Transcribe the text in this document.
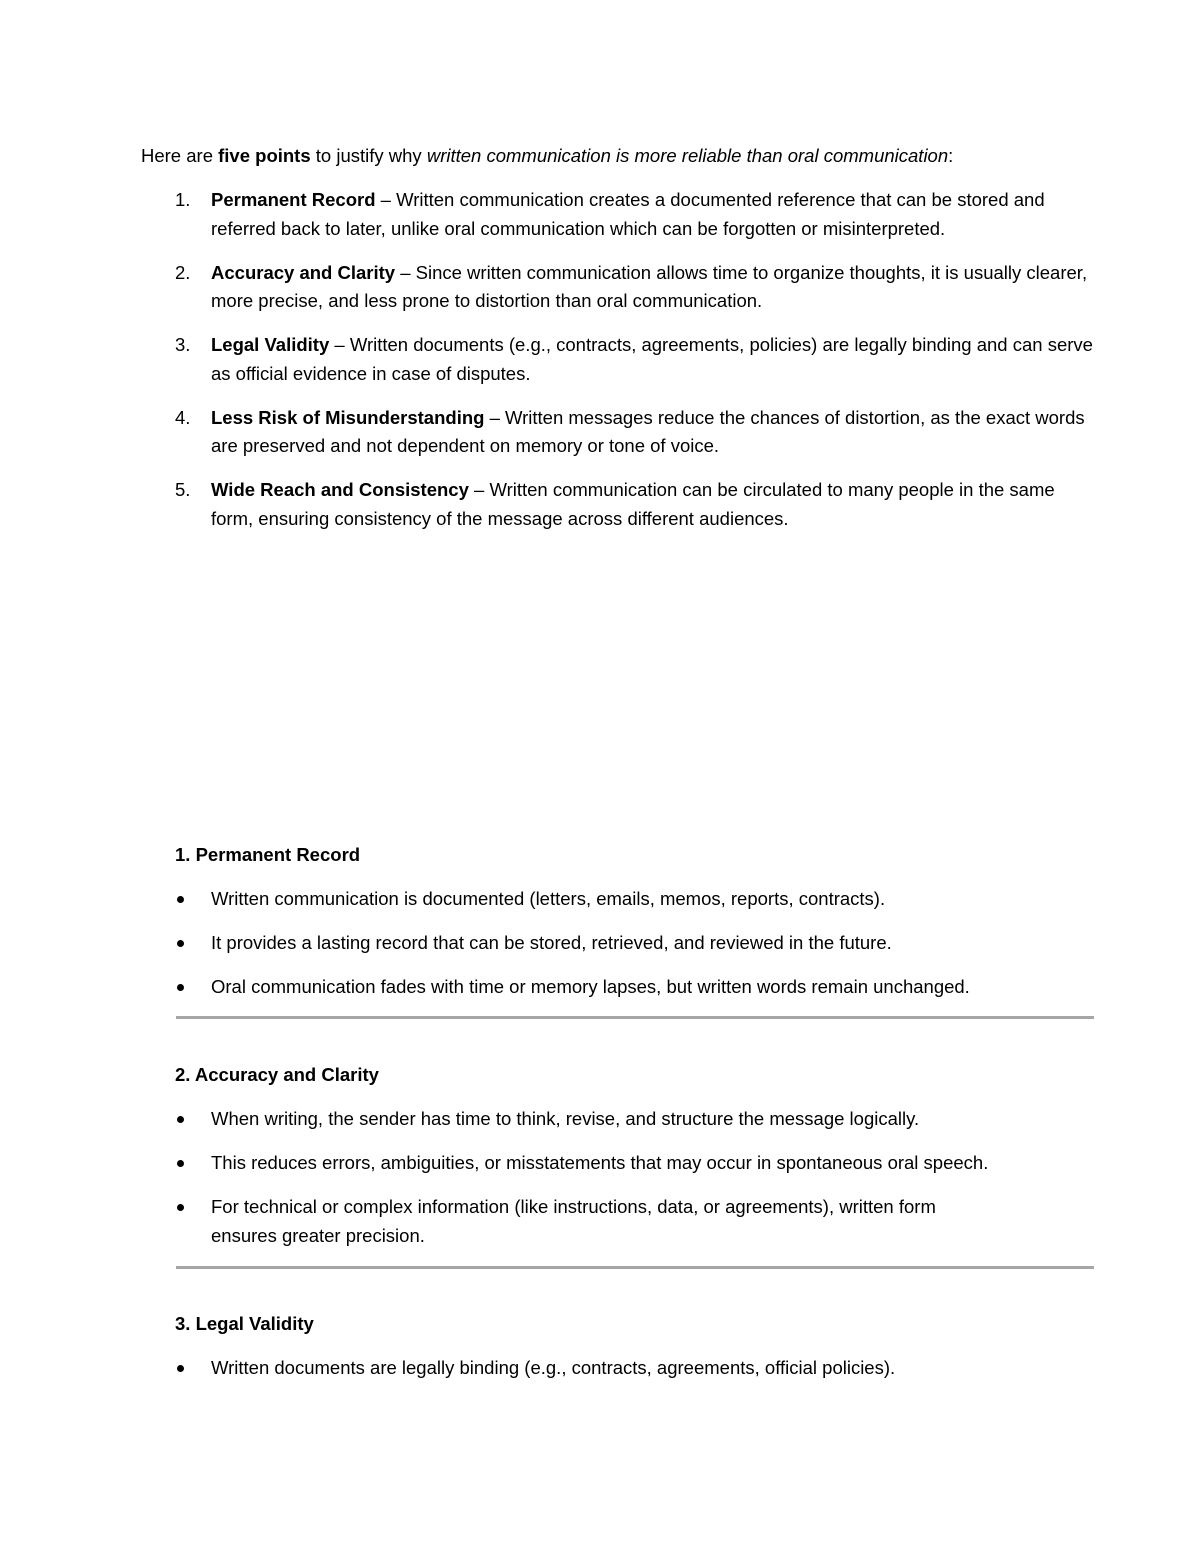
Here are five points to justify why written communication is more reliable than oral communication:

1. Permanent Record – Written communication creates a documented reference that can be stored and referred back to later, unlike oral communication which can be forgotten or misinterpreted.
2. Accuracy and Clarity – Since written communication allows time to organize thoughts, it is usually clearer, more precise, and less prone to distortion than oral communication.
3. Legal Validity – Written documents (e.g., contracts, agreements, policies) are legally binding and can serve as official evidence in case of disputes.
4. Less Risk of Misunderstanding – Written messages reduce the chances of distortion, as the exact words are preserved and not dependent on memory or tone of voice.
5. Wide Reach and Consistency – Written communication can be circulated to many people in the same form, ensuring consistency of the message across different audiences.
1. Permanent Record
Written communication is documented (letters, emails, memos, reports, contracts).
It provides a lasting record that can be stored, retrieved, and reviewed in the future.
Oral communication fades with time or memory lapses, but written words remain unchanged.
2. Accuracy and Clarity
When writing, the sender has time to think, revise, and structure the message logically.
This reduces errors, ambiguities, or misstatements that may occur in spontaneous oral speech.
For technical or complex information (like instructions, data, or agreements), written form ensures greater precision.
3. Legal Validity
Written documents are legally binding (e.g., contracts, agreements, official policies).
